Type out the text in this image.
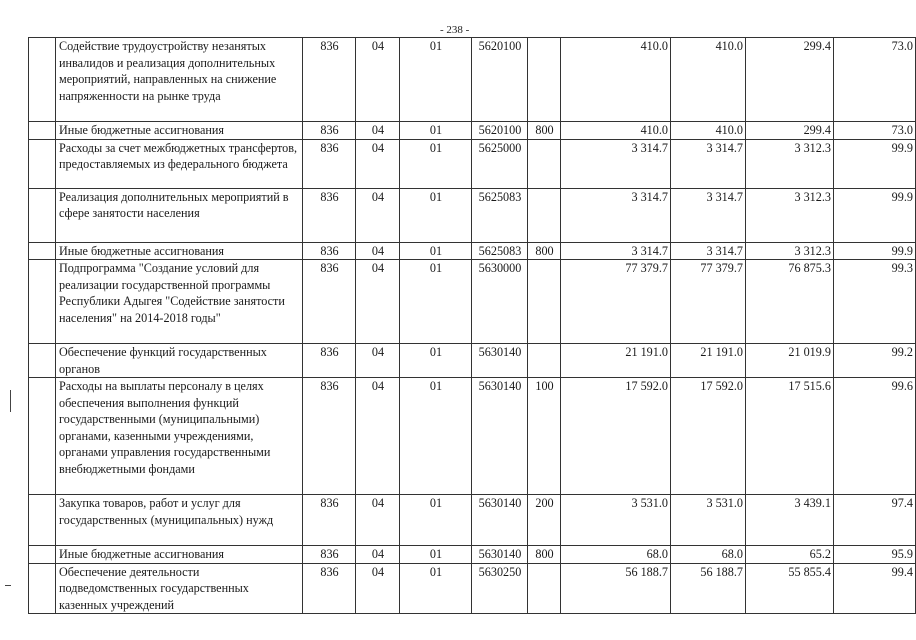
- 238 -
	Содействие трудоустройству незанятых инвалидов и реализация дополнительных мероприятий, направленных на снижение напряженности на рынке труда	836	04	01	5620100		410.0	410.0	299.4	73.0
	Иные бюджетные ассигнования	836	04	01	5620100	800	410.0	410.0	299.4	73.0
	Расходы за счет межбюджетных трансфертов, предоставляемых из федерального бюджета	836	04	01	5625000		3 314.7	3 314.7	3 312.3	99.9
	Реализация дополнительных мероприятий в сфере занятости населения	836	04	01	5625083		3 314.7	3 314.7	3 312.3	99.9
	Иные бюджетные ассигнования	836	04	01	5625083	800	3 314.7	3 314.7	3 312.3	99.9
	Подпрограмма "Создание условий для реализации государственной программы Республики Адыгея "Содействие занятости населения" на 2014-2018 годы"	836	04	01	5630000		77 379.7	77 379.7	76 875.3	99.3
	Обеспечение функций государственных органов	836	04	01	5630140		21 191.0	21 191.0	21 019.9	99.2
	Расходы на выплаты персоналу в целях обеспечения выполнения функций государственными (муниципальными) органами, казенными учреждениями, органами управления государственными внебюджетными фондами	836	04	01	5630140	100	17 592.0	17 592.0	17 515.6	99.6
	Закупка товаров, работ и услуг для государственных (муниципальных) нужд	836	04	01	5630140	200	3 531.0	3 531.0	3 439.1	97.4
	Иные бюджетные ассигнования	836	04	01	5630140	800	68.0	68.0	65.2	95.9
	Обеспечение деятельности подведомственных государственных казенных учреждений	836	04	01	5630250		56 188.7	56 188.7	55 855.4	99.4
